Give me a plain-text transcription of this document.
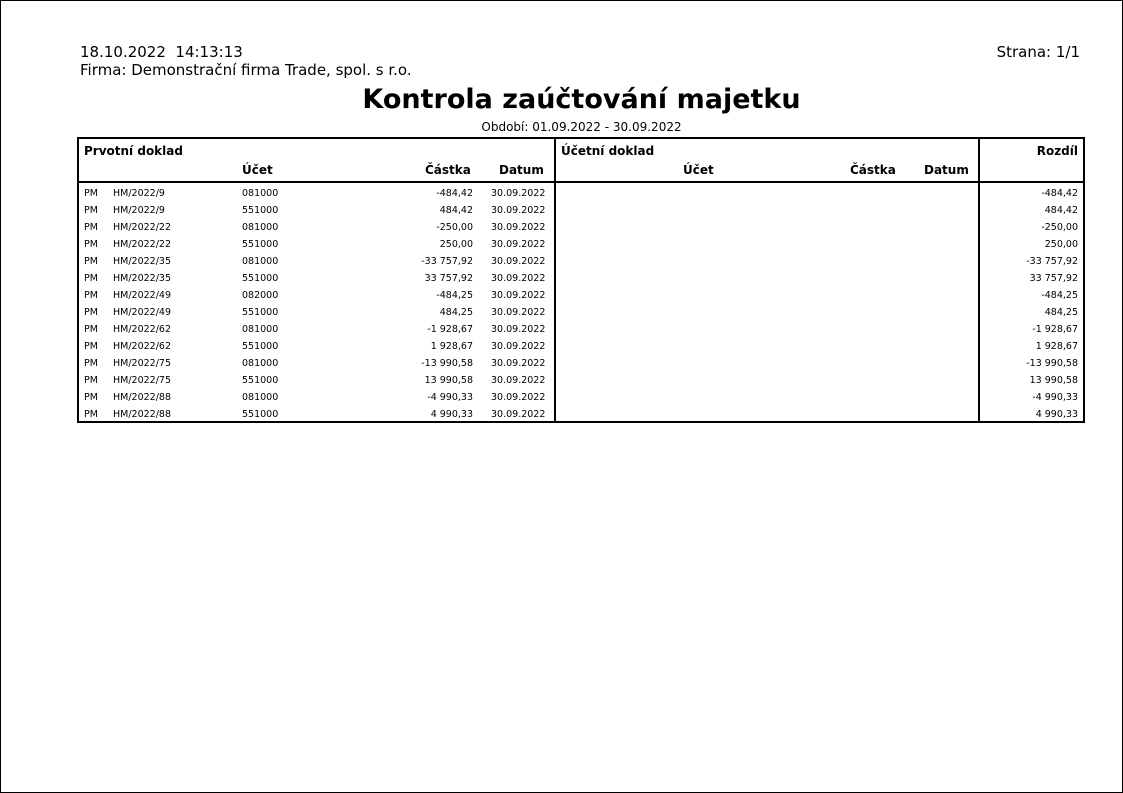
18.10.2022  14:13:13
Firma: Demonstrační firma Trade, spol. s r.o.
Strana: 1/1
Kontrola zaúčtování majetku
Období: 01.09.2022 - 30.09.2022
Prvotní doklad
Účet	Částka Datum
Účetní doklad
Účet	Částka Datum
Rozdíl
PM HM/2022/9	081000	-484,42 30.09.2022	-484,42
PM HM/2022/9	551000	484,42 30.09.2022	484,42
PM HM/2022/22	081000	-250,00 30.09.2022	-250,00
PM HM/2022/22	551000	250,00 30.09.2022	250,00
PM HM/2022/35	081000	-33 757,92 30.09.2022	-33 757,92
PM HM/2022/35	551000	33 757,92 30.09.2022	33 757,92
PM HM/2022/49	082000	-484,25 30.09.2022	-484,25
PM HM/2022/49	551000	484,25 30.09.2022	484,25
PM HM/2022/62	081000	-1 928,67 30.09.2022	-1 928,67
PM HM/2022/62	551000	1 928,67 30.09.2022	1 928,67
PM HM/2022/75	081000	-13 990,58 30.09.2022	-13 990,58
PM HM/2022/75	551000	13 990,58 30.09.2022	13 990,58
PM HM/2022/88	081000	-4 990,33 30.09.2022	-4 990,33
PM HM/2022/88	551000	4 990,33 30.09.2022	4 990,33
